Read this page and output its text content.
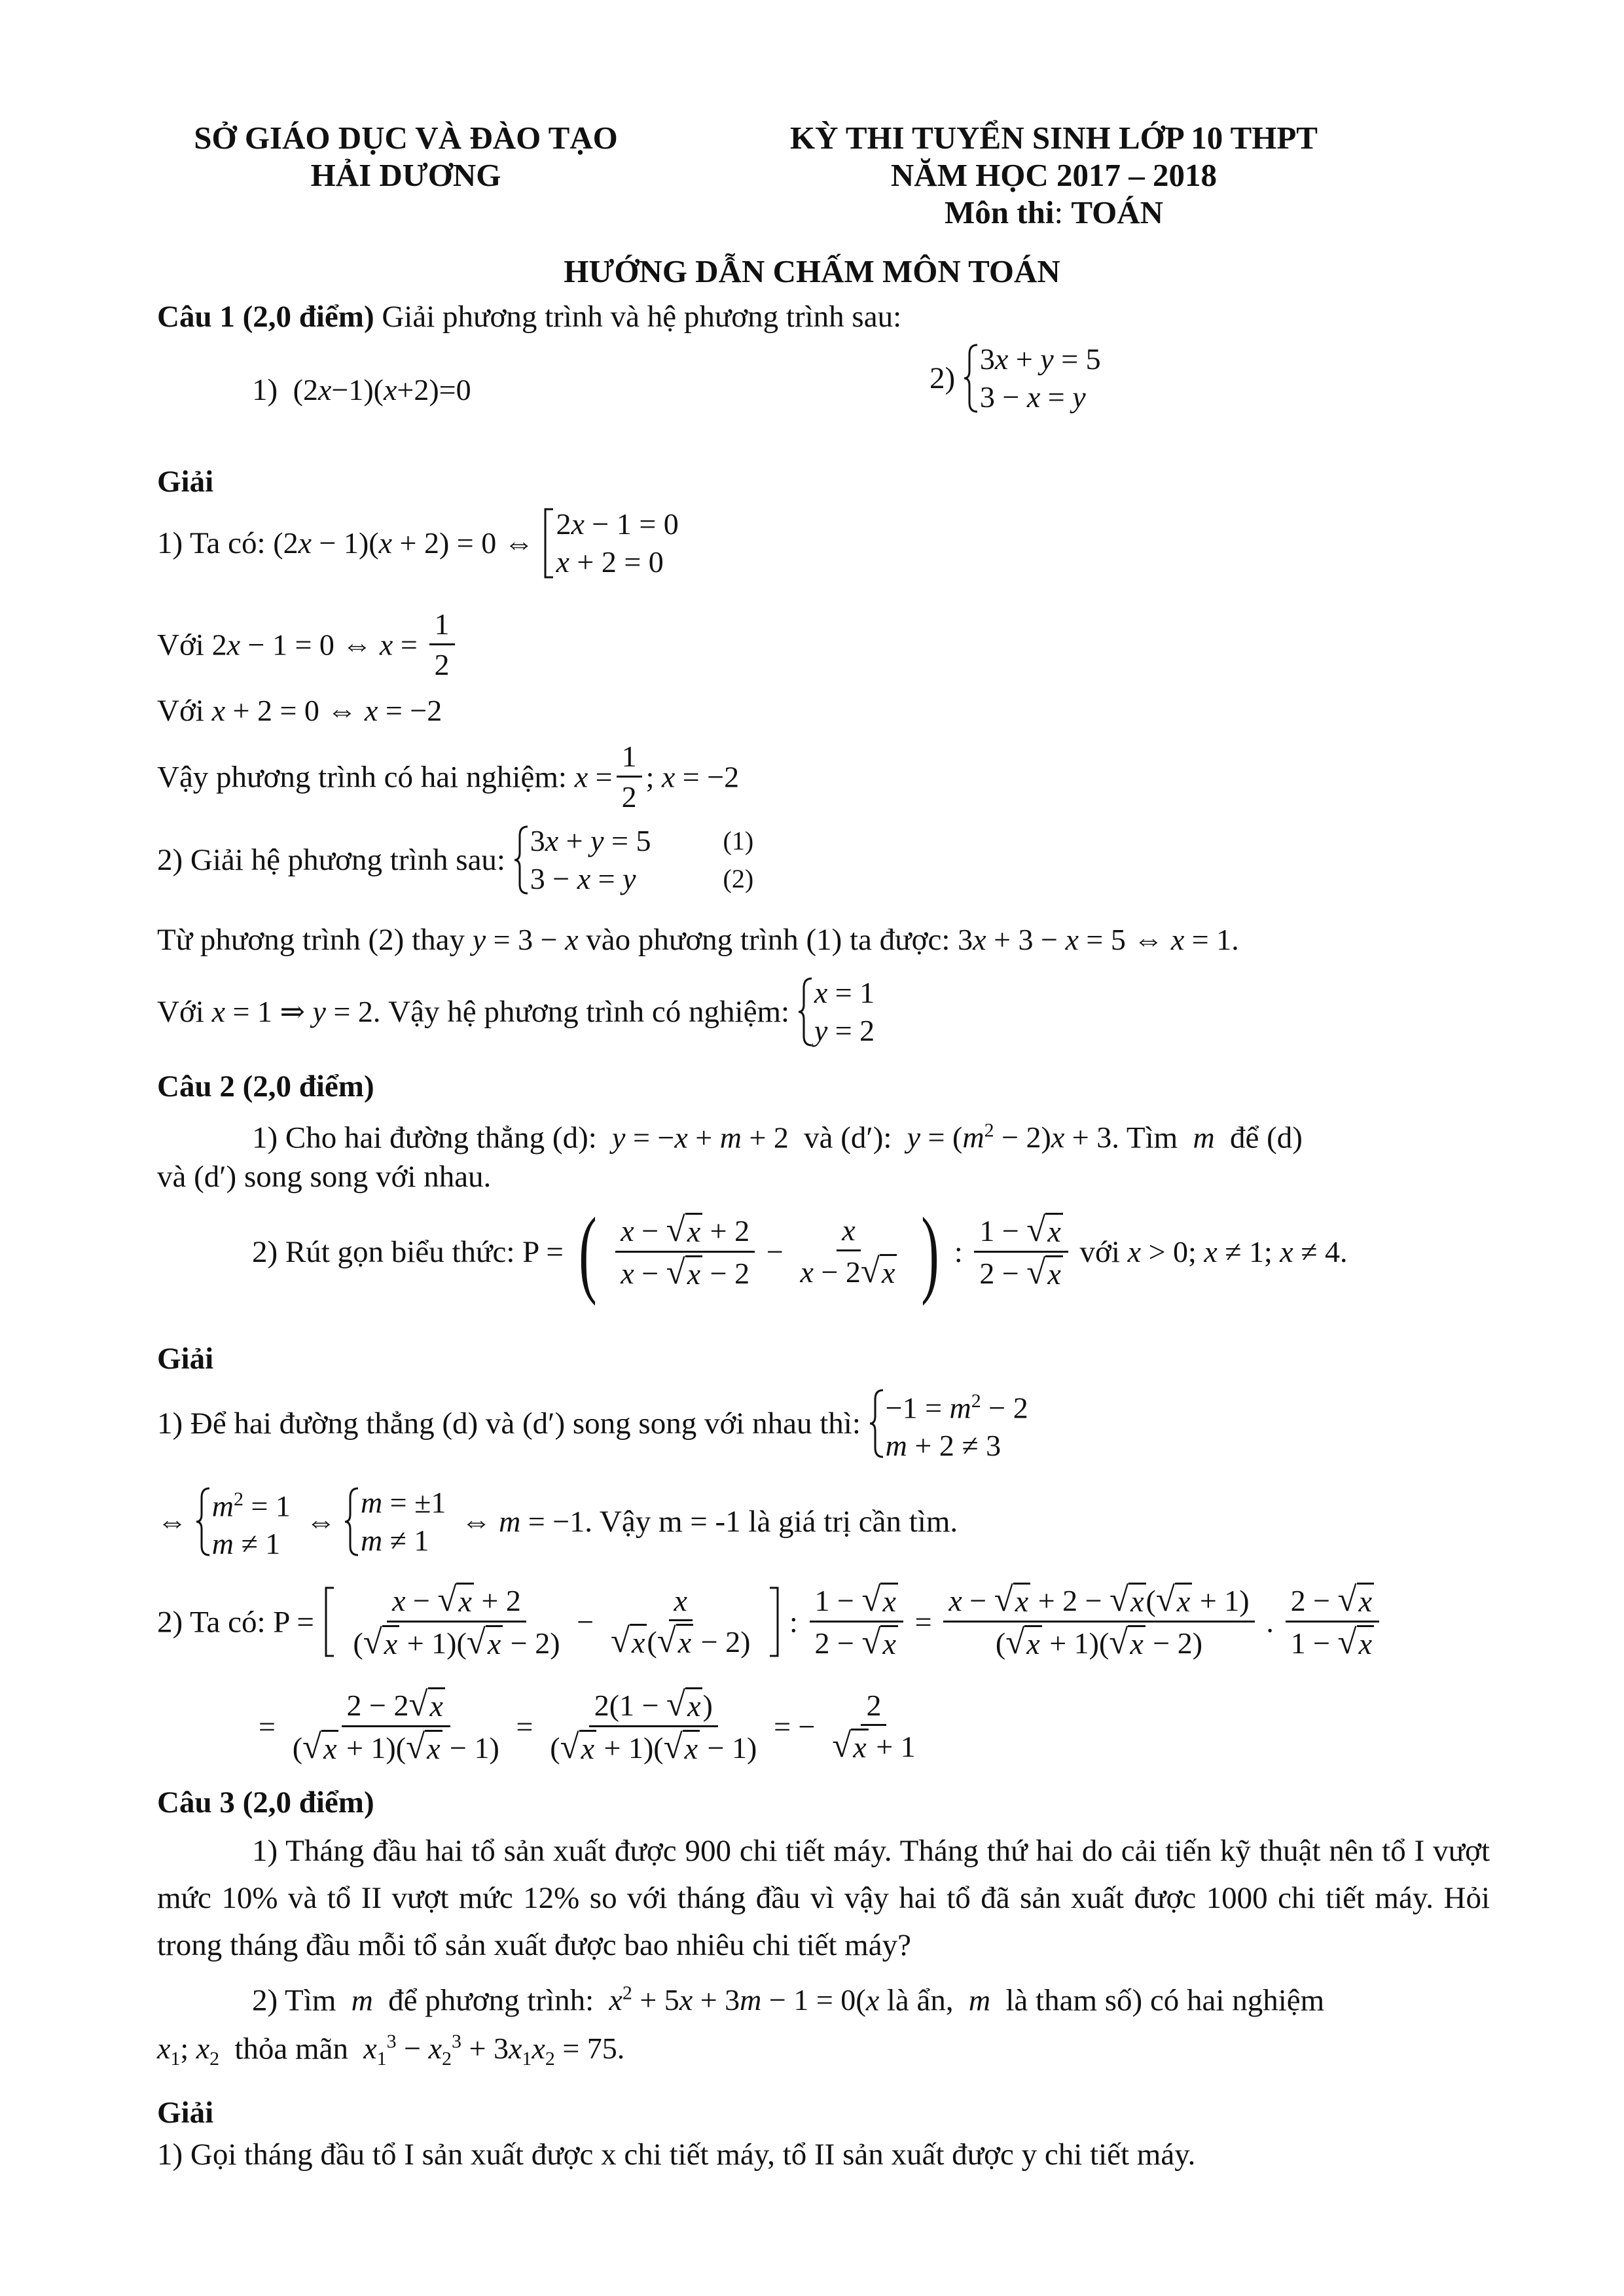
SỞ GIÁO DỤC VÀ ĐÀO TẠO
HẢI DƯƠNG
KỲ THI TUYỂN SINH LỚP 10 THPT
NĂM HỌC 2017 – 2018
Môn thi: TOÁN
HƯỚNG DẪN CHẤM MÔN TOÁN
Câu 1 (2,0 điểm) Giải phương trình và hệ phương trình sau:
1) (2x−1)(x+2)=0	2)
3x + y = 5
3 − x = y
Giải
1) Ta có: (2x − 1)(x + 2) = 0 ⇔
2x − 1 = 0
x + 2 = 0
Với 2x − 1 = 0 ⇔ $x = \frac{1}{2}$
Với x + 2 = 0 ⇔ x = −2
Vậy phương trình có hai nghiệm: $x = \frac{1}{2}$ ; x = −2
2) Giải hệ phương trình sau:
3x + y = 5
3 − x = y
(1)
(2)
Từ phương trình (2) thay y = 3 − x vào phương trình (1) ta được: 3x + 3 − x = 5 ⇔ x = 1.
Với x = 1 ⇒ y = 2. Vậy hệ phương trình có nghiệm:
x = 1
y = 2
Câu 2 (2,0 điểm)
1) Cho hai đường thẳng (d): y = −x + m + 2  và (d′): $y = (m^2 - 2)x + 3$. Tìm  m  để (d)
và (d′) song song với nhau.
2) Rút gọn biểu thức: P = ( $\frac{x - √ x + 2}{x - √ x - 2} - \frac{x}{x - 2 √ x}$ ) : $\frac{1 - √ x}{2 - √ x}$ với x > 0; x ≠ 1; x ≠ 4.
Giải
1) Để hai đường thẳng (d) và (d′) song song với nhau thì: $-1 = m^2 - 2$
m + 2 ≠ 3
⇔ $m^2 = 1$
m ≠ 1
⇔
m = ±1
m ≠ 1
⇔ m = −1. Vậy m = -1 là giá trị cần tìm.
2) Ta có: $P = \frac{x - √ x + 2}{( √ x + 1)( √ x - 2)} - \frac{x}{√ x ( √ x - 2)}$ : $\frac{1 - √ x}{2 - √ x} = \frac{x - √ x + 2 - √ x ( √ x + 1)}{( √ x + 1)( √ x - 2)}$ . $\frac{2 - √ x}{1 - √ x}$
= $\frac{2 - 2 √ x}{( √ x + 1)( √ x - 1)} = \frac{2(1 - √ x )}{( √ x + 1)( √ x - 1)}$ = − $\frac{2}{√ x + 1}$
Câu 3 (2,0 điểm)
1) Tháng đầu hai tổ sản xuất được 900 chi tiết máy. Tháng thứ hai do cải tiến kỹ thuật nên tổ I vượt mức 10% và tổ II vượt mức 12% so với tháng đầu vì vậy hai tổ đã sản xuất được 1000 chi tiết máy. Hỏi trong tháng đầu mỗi tổ sản xuất được bao nhiêu chi tiết máy?
2) Tìm  m  để phương trình: $x^2 + 5x + 3m - 1 = 0(x$ là ẩn,  m  là tham số) có hai nghiệm
$x_1$; $x_2$ thỏa mãn $x_1^3 - x_2^3 + 3x_1x_2 = 75$.
Giải
1) Gọi tháng đầu tổ I sản xuất được x chi tiết máy, tổ II sản xuất được y chi tiết máy.
